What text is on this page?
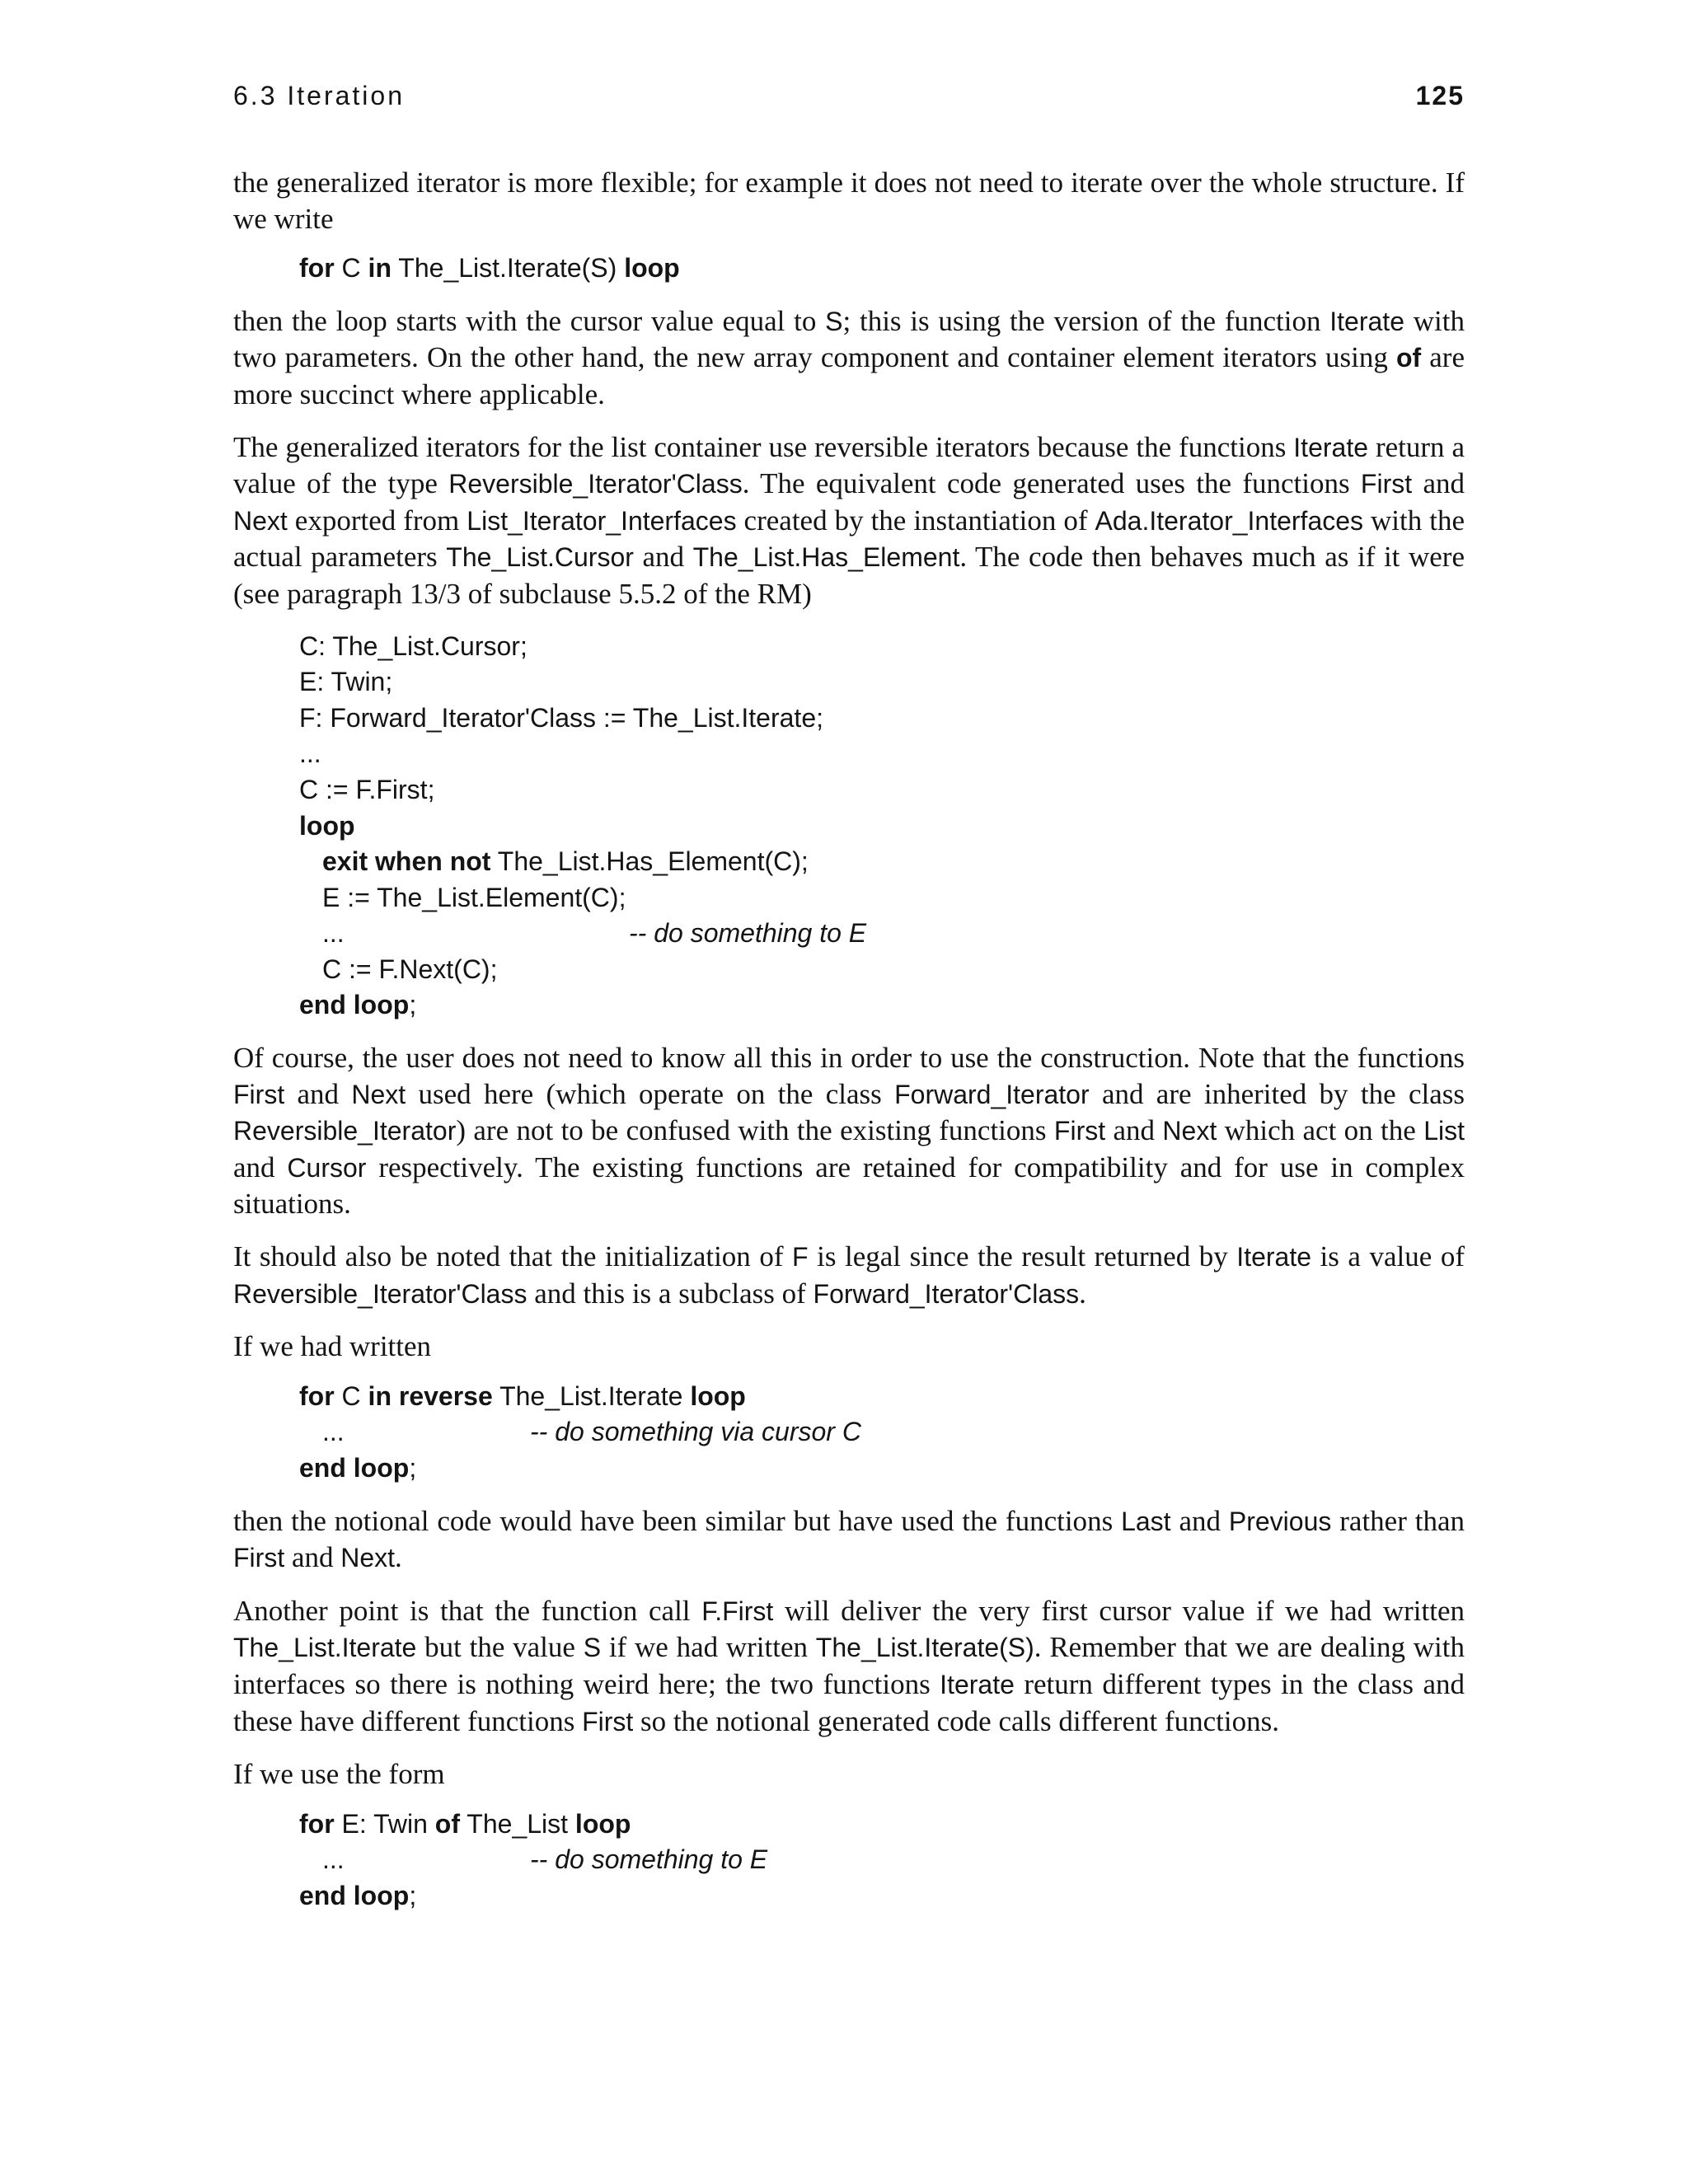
6.3 Iteration	125

the generalized iterator is more flexible; for example it does not need to iterate over the whole structure. If we write

for C in The_List.Iterate(S) loop

then the loop starts with the cursor value equal to S; this is using the version of the function Iterate with two parameters. On the other hand, the new array component and container element iterators using of are more succinct where applicable.

The generalized iterators for the list container use reversible iterators because the functions Iterate return a value of the type Reversible_Iterator'Class. The equivalent code generated uses the functions First and Next exported from List_Iterator_Interfaces created by the instantiation of Ada.Iterator_Interfaces with the actual parameters The_List.Cursor and The_List.Has_Element. The code then behaves much as if it were (see paragraph 13/3 of subclause 5.5.2 of the RM)

C: The_List.Cursor;
E: Twin;
F: Forward_Iterator'Class := The_List.Iterate;
...
C := F.First;
loop
exit when not The_List.Has_Element(C);
E := The_List.Element(C);
...	-- do something to E
C := F.Next(C);
end loop;

Of course, the user does not need to know all this in order to use the construction. Note that the functions First and Next used here (which operate on the class Forward_Iterator and are inherited by the class Reversible_Iterator) are not to be confused with the existing functions First and Next which act on the List and Cursor respectively. The existing functions are retained for compatibility and for use in complex situations.

It should also be noted that the initialization of F is legal since the result returned by Iterate is a value of Reversible_Iterator'Class and this is a subclass of Forward_Iterator'Class.

If we had written

for C in reverse The_List.Iterate loop
...	-- do something via cursor C
end loop;

then the notional code would have been similar but have used the functions Last and Previous rather than First and Next.

Another point is that the function call F.First will deliver the very first cursor value if we had written The_List.Iterate but the value S if we had written The_List.Iterate(S). Remember that we are dealing with interfaces so there is nothing weird here; the two functions Iterate return different types in the class and these have different functions First so the notional generated code calls different functions.

If we use the form

for E: Twin of The_List loop
...	-- do something to E
end loop;
